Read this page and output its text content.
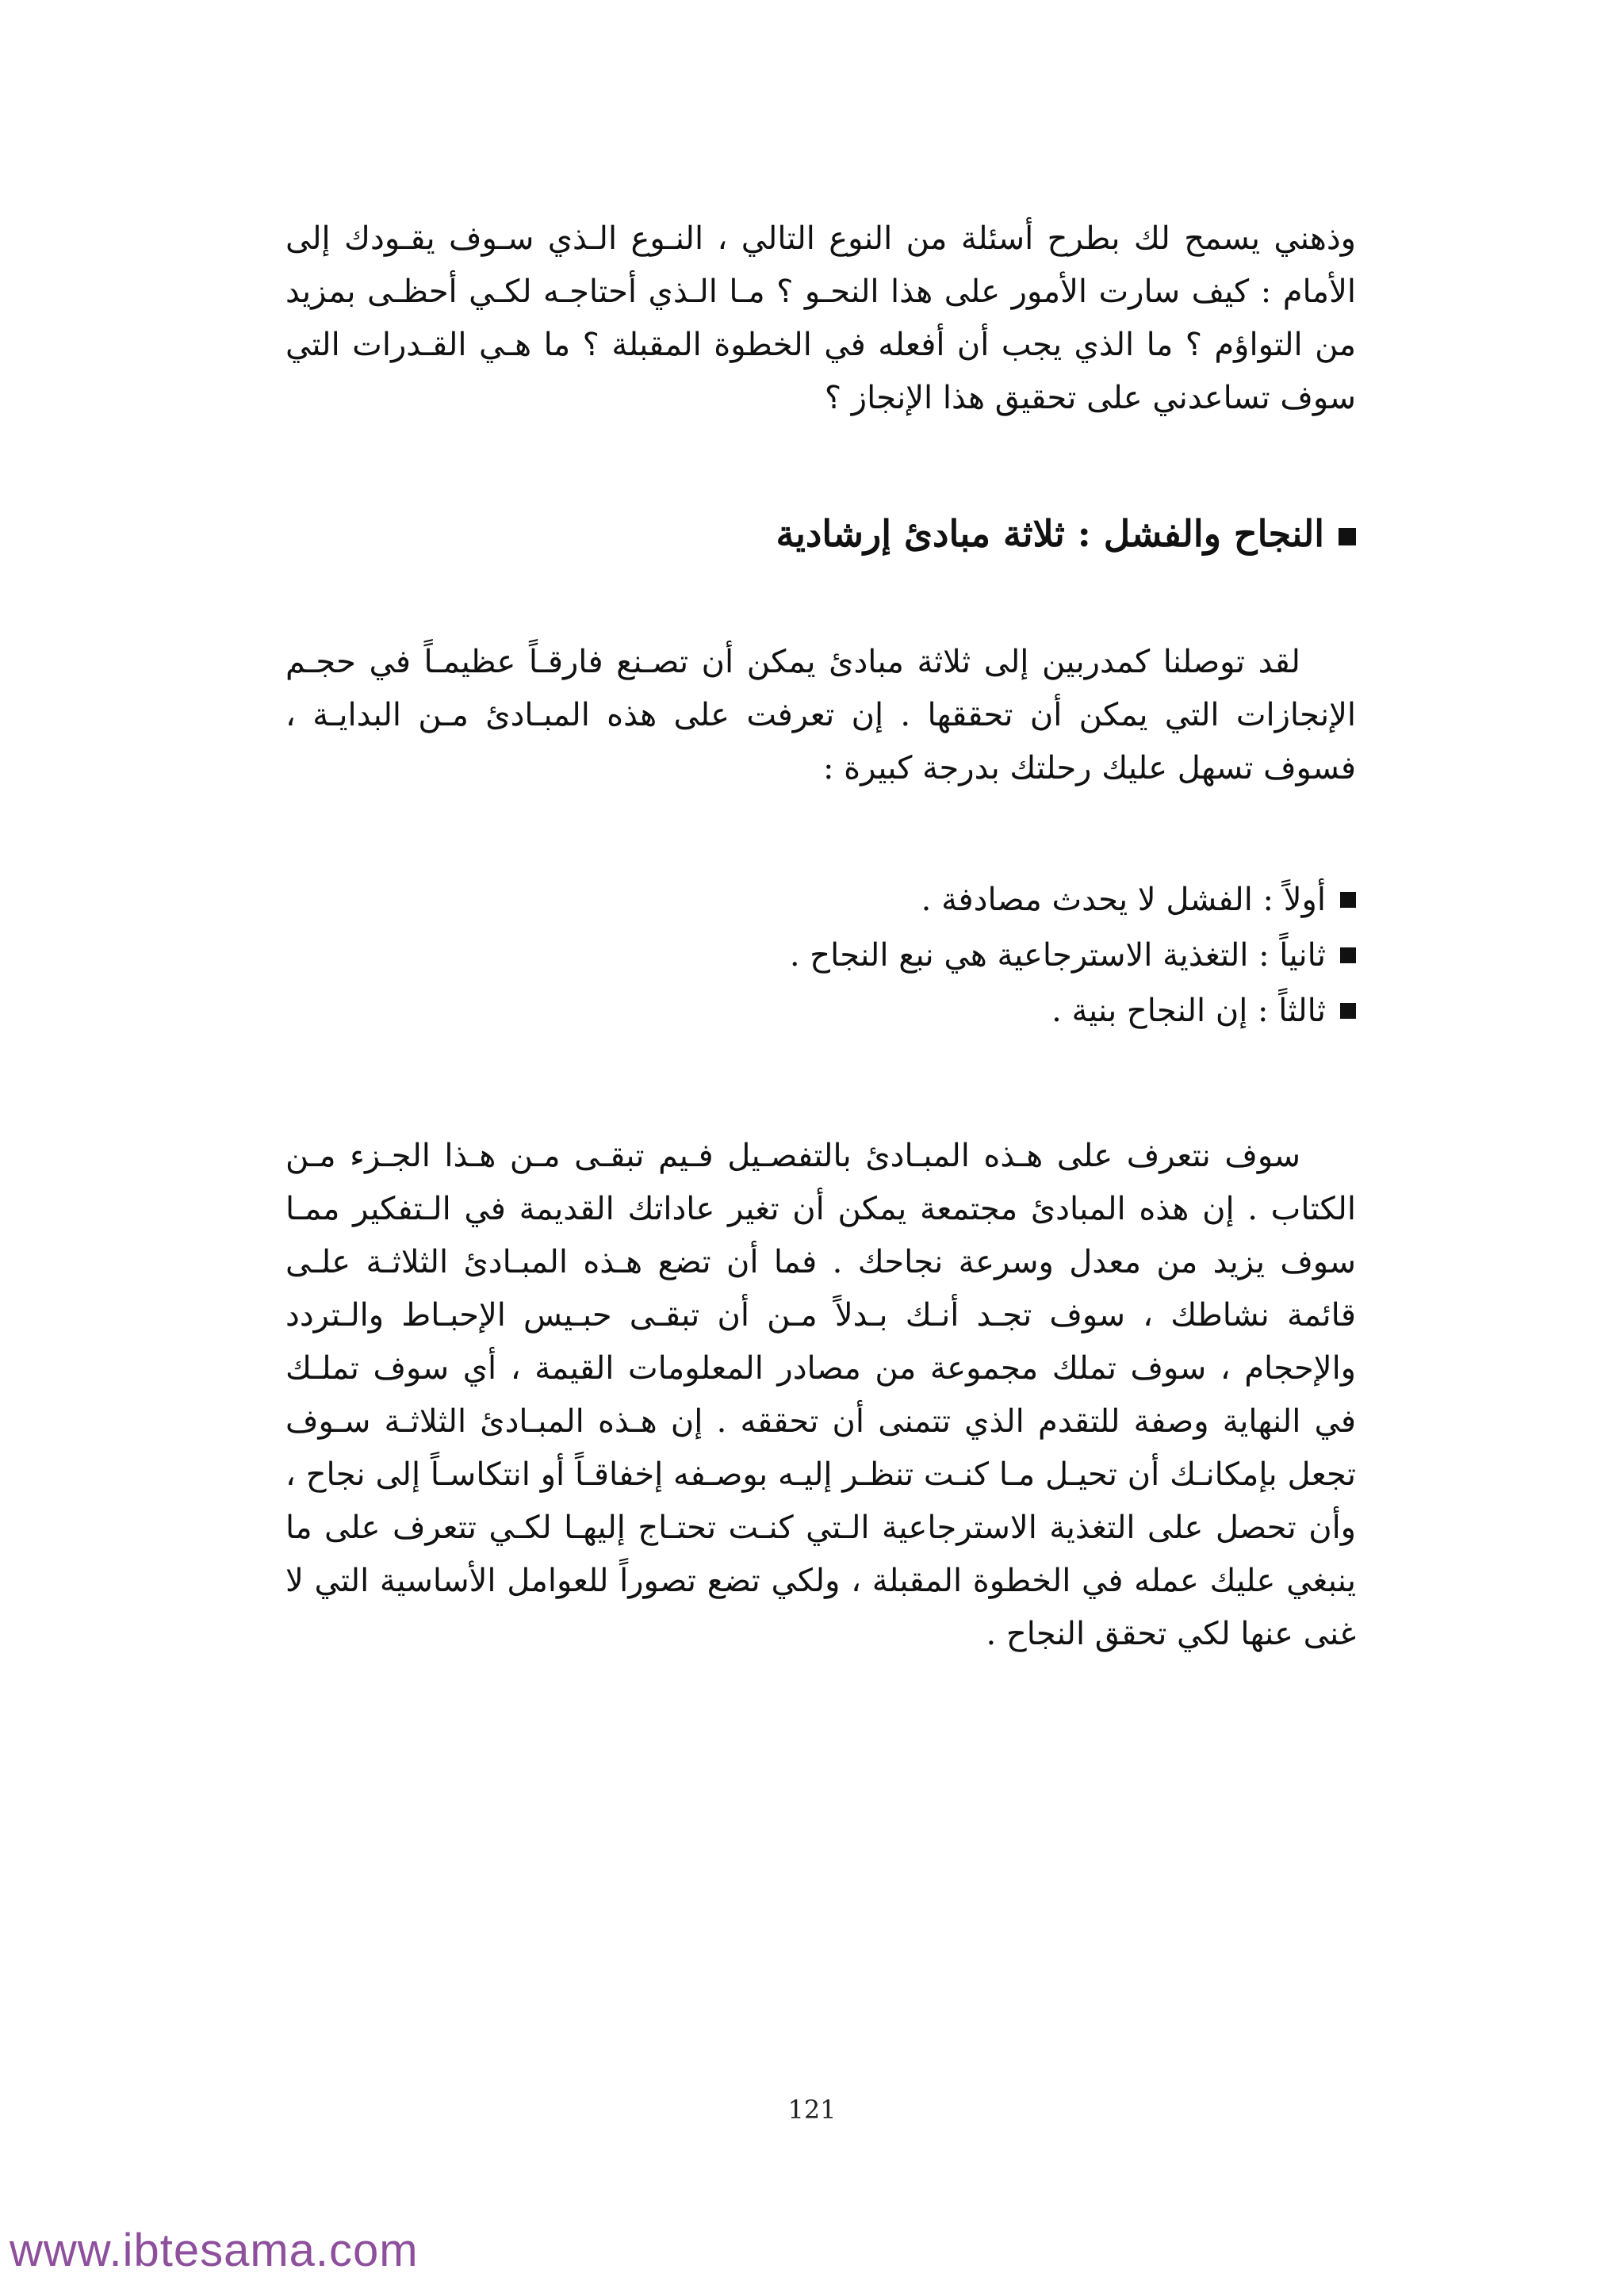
وذهني يسمح لك بطرح أسئلة من النوع التالي ، النـوع الـذي سـوف يقـودك إلى الأمام : كيف سارت الأمور على هذا النحـو ؟ مـا الـذي أحتاجـه لكـي أحظـى بمزيد من التواؤم ؟ ما الذي يجب أن أفعله في الخطوة المقبلة ؟ ما هـي القـدرات التي سوف تساعدني على تحقيق هذا الإنجاز ؟

النجاح والفشل : ثلاثة مبادئ إرشادية

لقد توصلنا كمدربين إلى ثلاثة مبادئ يمكن أن تصـنع فارقـاً عظيمـاً في حجـم الإنجازات التي يمكن أن تحققها . إن تعرفت على هذه المبـادئ مـن البدايـة ، فسوف تسهل عليك رحلتك بدرجة كبيرة :

أولاً : الفشل لا يحدث مصادفة .
ثانياً : التغذية الاسترجاعية هي نبع النجاح .
ثالثاً : إن النجاح بنية .

سوف نتعرف على هـذه المبـادئ بالتفصـيل فـيم تبقـى مـن هـذا الجـزء مـن الكتاب . إن هذه المبادئ مجتمعة يمكن أن تغير عاداتك القديمة في الـتفكير ممـا سوف يزيد من معدل وسرعة نجاحك . فما أن تضع هـذه المبـادئ الثلاثـة علـى قائمة نشاطك ، سوف تجـد أنـك بـدلاً مـن أن تبقـى حبـيس الإحبـاط والـتردد والإحجام ، سوف تملك مجموعة من مصادر المعلومات القيمة ، أي سوف تملـك في النهاية وصفة للتقدم الذي تتمنى أن تحققه . إن هـذه المبـادئ الثلاثـة سـوف تجعل بإمكانـك أن تحيـل مـا كنـت تنظـر إليـه بوصـفه إخفاقـاً أو انتكاسـاً إلى نجاح ، وأن تحصل على التغذية الاسترجاعية الـتي كنـت تحتـاج إليهـا لكـي تتعرف على ما ينبغي عليك عمله في الخطوة المقبلة ، ولكي تضع تصوراً للعوامل الأساسية التي لا غنى عنها لكي تحقق النجاح .

121
www.ibtesama.com
